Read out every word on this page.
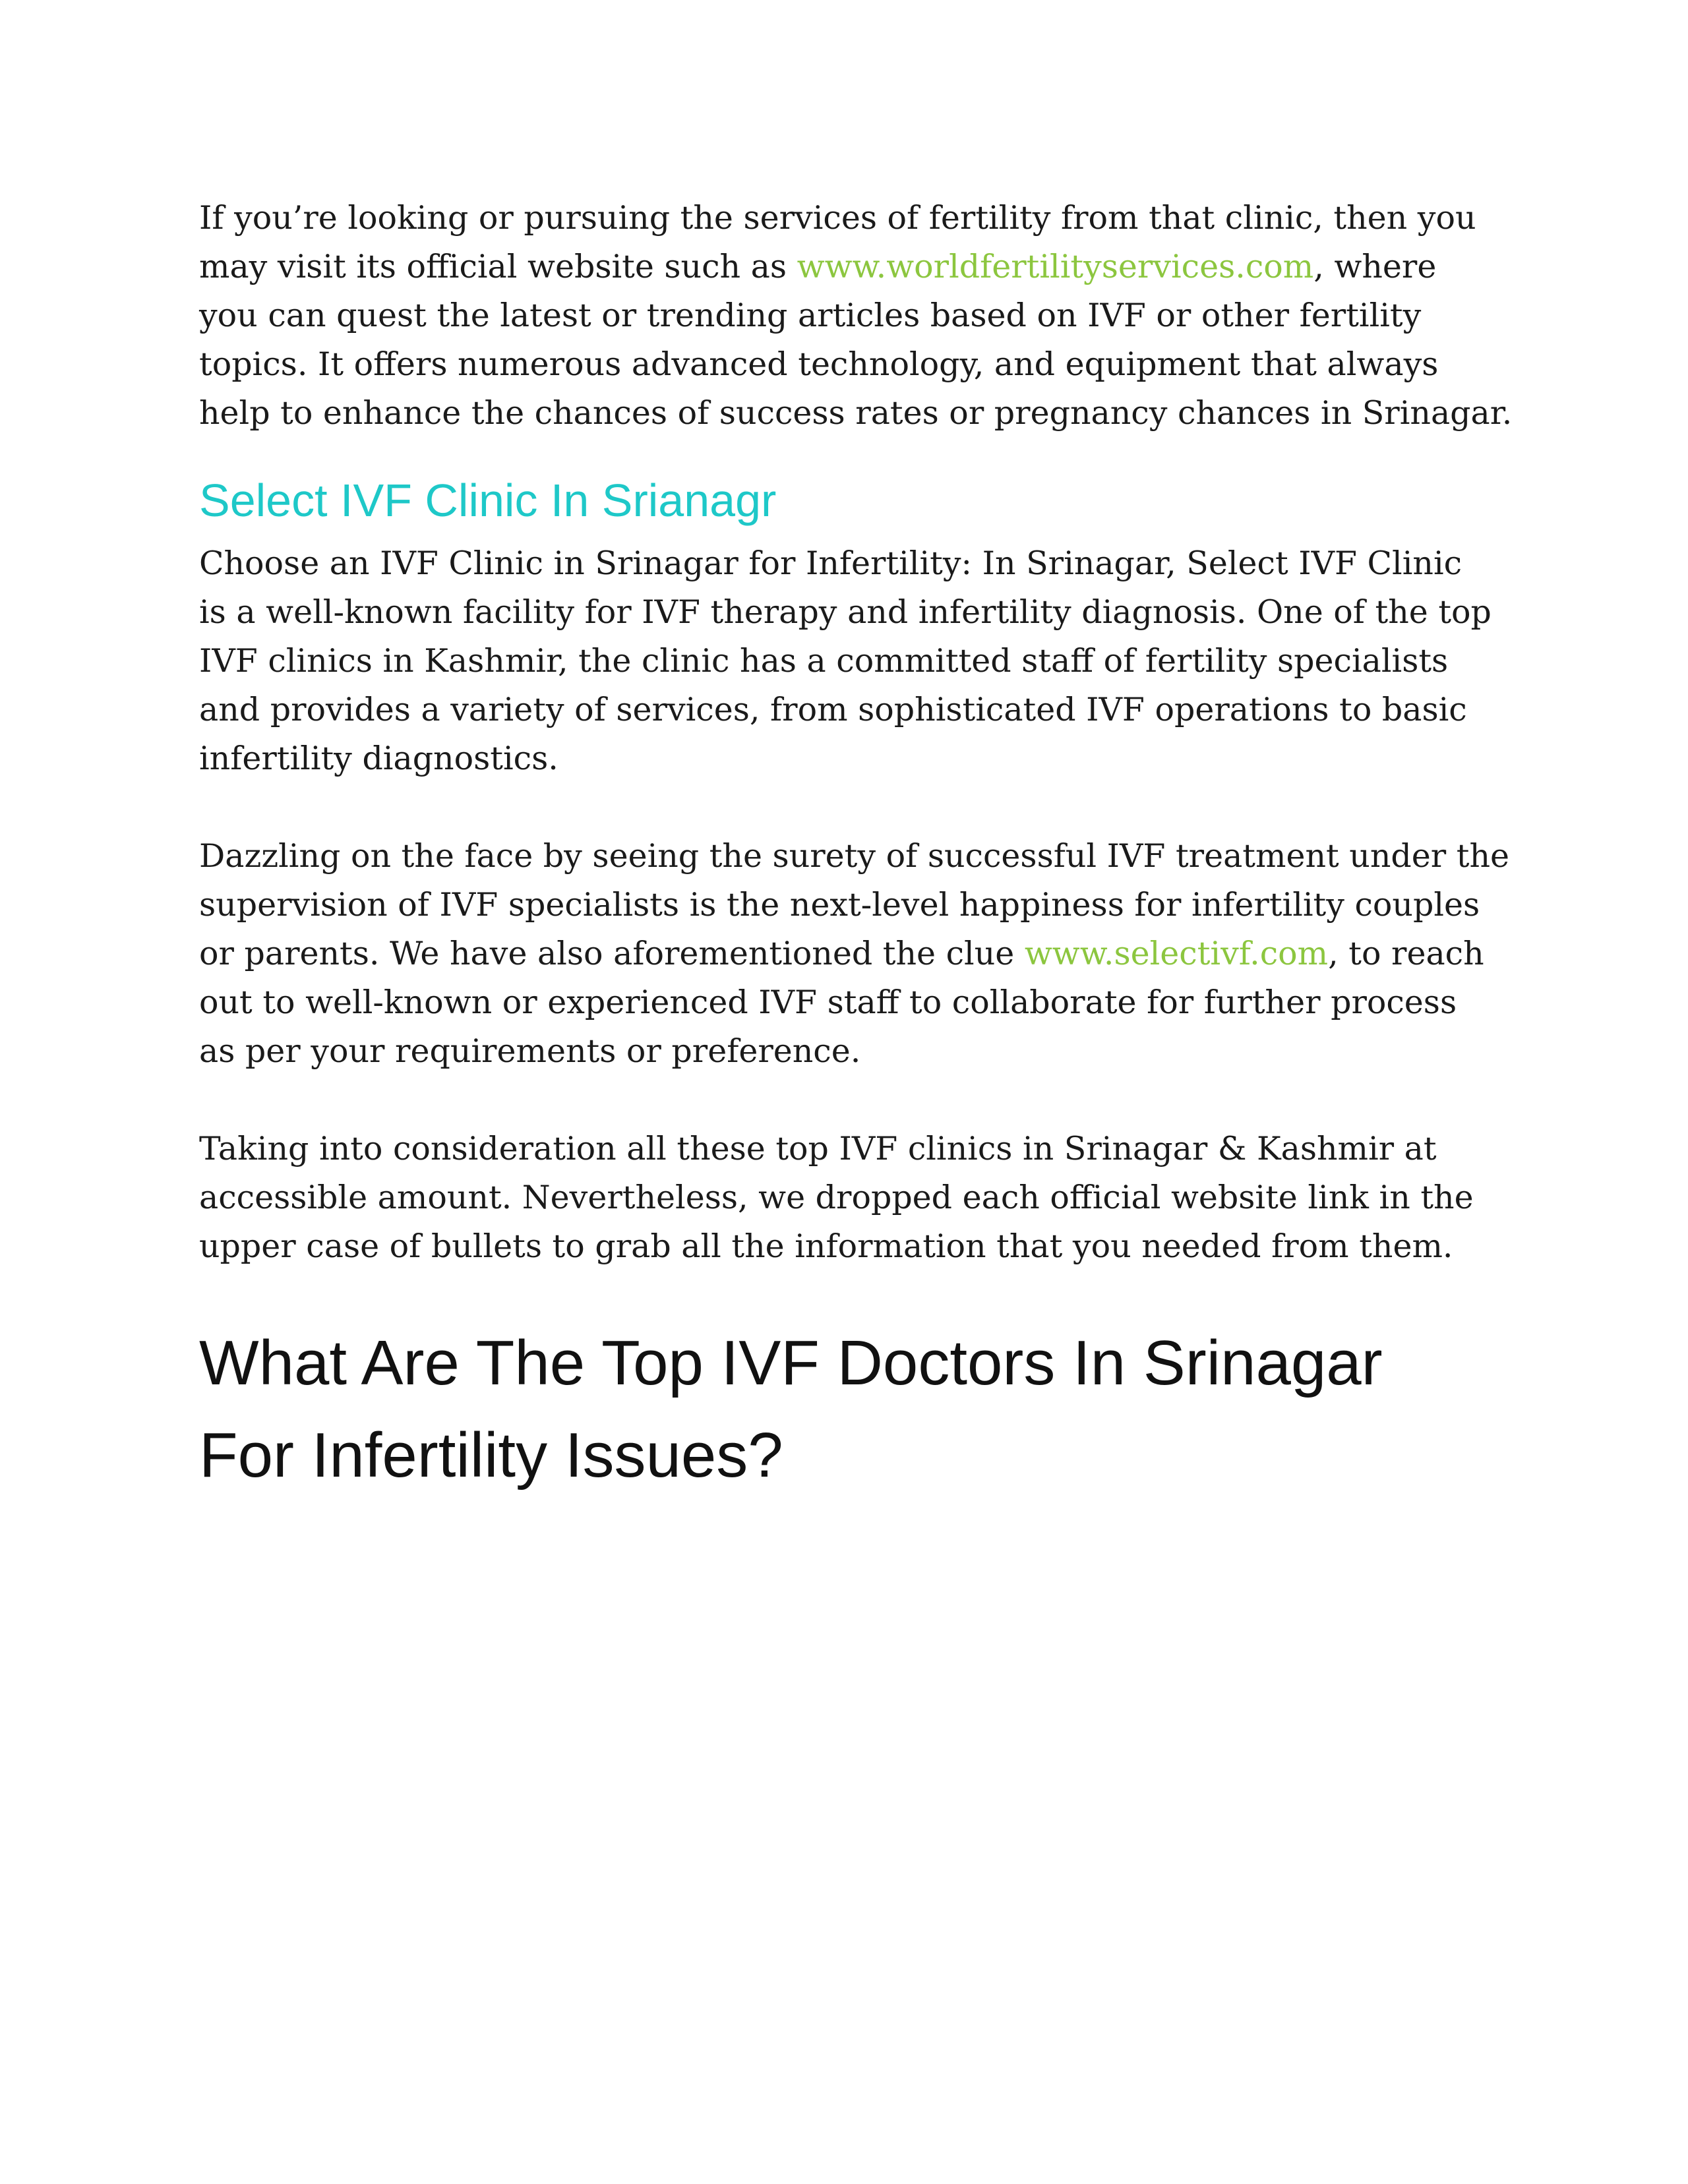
If you’re looking or pursuing the services of fertility from that clinic, then you
may visit its official website such as www.worldfertilityservices.com, where
you can quest the latest or trending articles based on IVF or other fertility
topics. It offers numerous advanced technology, and equipment that always
help to enhance the chances of success rates or pregnancy chances in Srinagar.

Select IVF Clinic In Srianagr

Choose an IVF Clinic in Srinagar for Infertility: In Srinagar, Select IVF Clinic
is a well-known facility for IVF therapy and infertility diagnosis. One of the top
IVF clinics in Kashmir, the clinic has a committed staff of fertility specialists
and provides a variety of services, from sophisticated IVF operations to basic
infertility diagnostics.

Dazzling on the face by seeing the surety of successful IVF treatment under the
supervision of IVF specialists is the next-level happiness for infertility couples
or parents. We have also aforementioned the clue www.selectivf.com, to reach
out to well-known or experienced IVF staff to collaborate for further process
as per your requirements or preference.

Taking into consideration all these top IVF clinics in Srinagar & Kashmir at
accessible amount. Nevertheless, we dropped each official website link in the
upper case of bullets to grab all the information that you needed from them.

What Are The Top IVF Doctors In Srinagar
For Infertility Issues?
